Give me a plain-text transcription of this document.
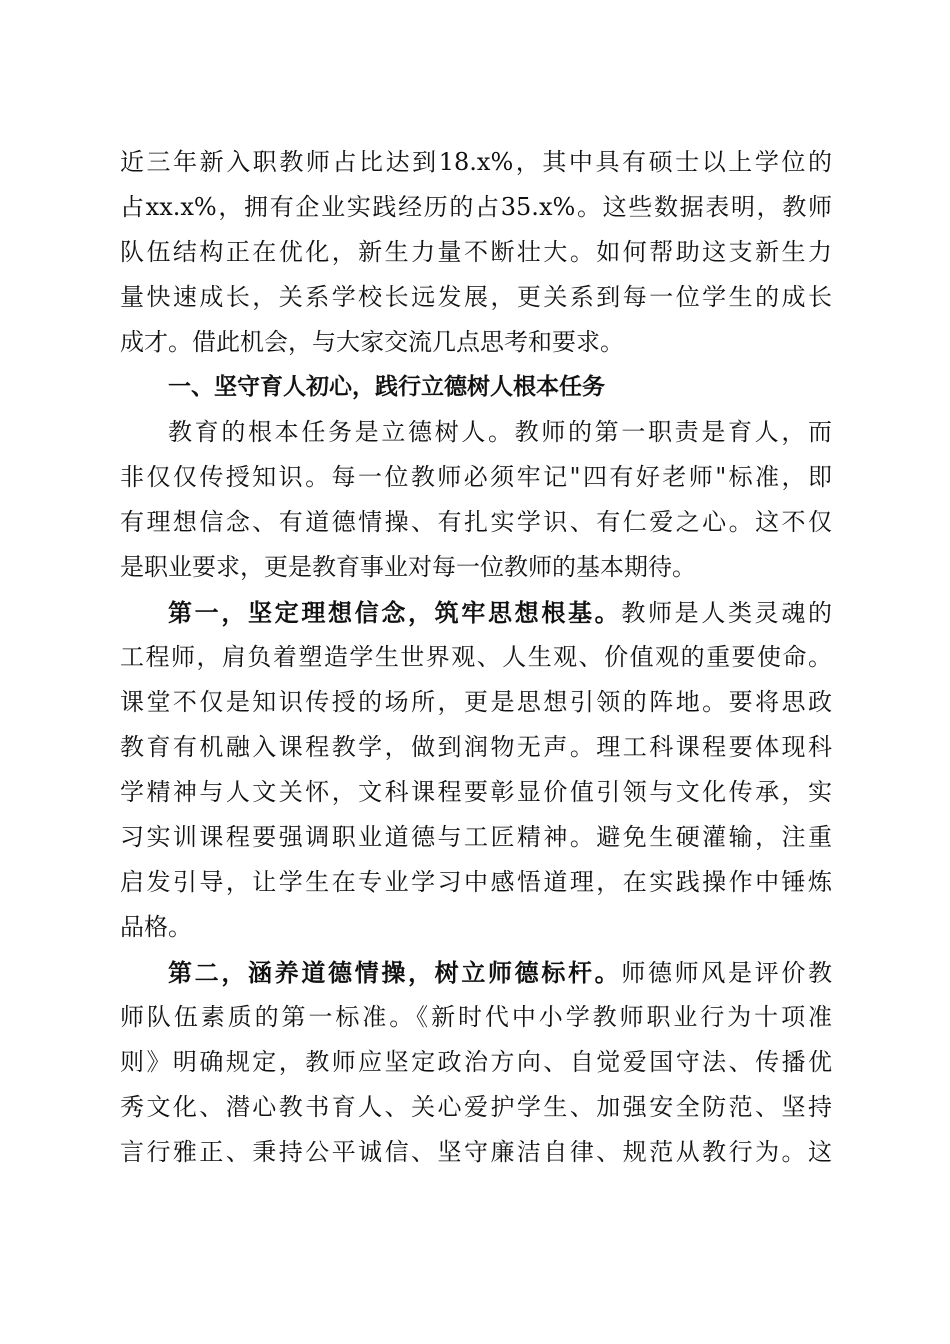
近三年新入职教师占比达到18.x%，其中具有硕士以上学位的
占xx.x%，拥有企业实践经历的占35.x%。这些数据表明，教师
队伍结构正在优化，新生力量不断壮大。如何帮助这支新生力
量快速成长，关系学校长远发展，更关系到每一位学生的成长
成才。借此机会，与大家交流几点思考和要求。
一、坚守育人初心，践行立德树人根本任务
教育的根本任务是立德树人。教师的第一职责是育人，而
非仅仅传授知识。每一位教师必须牢记"四有好老师"标准，即
有理想信念、有道德情操、有扎实学识、有仁爱之心。这不仅
是职业要求，更是教育事业对每一位教师的基本期待。
第一，坚定理想信念，筑牢思想根基。教师是人类灵魂的
工程师，肩负着塑造学生世界观、人生观、价值观的重要使命。
课堂不仅是知识传授的场所，更是思想引领的阵地。要将思政
教育有机融入课程教学，做到润物无声。理工科课程要体现科
学精神与人文关怀，文科课程要彰显价值引领与文化传承，实
习实训课程要强调职业道德与工匠精神。避免生硬灌输，注重
启发引导，让学生在专业学习中感悟道理，在实践操作中锤炼
品格。
第二，涵养道德情操，树立师德标杆。师德师风是评价教
师队伍素质的第一标准。《新时代中小学教师职业行为十项准
则》明确规定，教师应坚定政治方向、自觉爱国守法、传播优
秀文化、潜心教书育人、关心爱护学生、加强安全防范、坚持
言行雅正、秉持公平诚信、坚守廉洁自律、规范从教行为。这
